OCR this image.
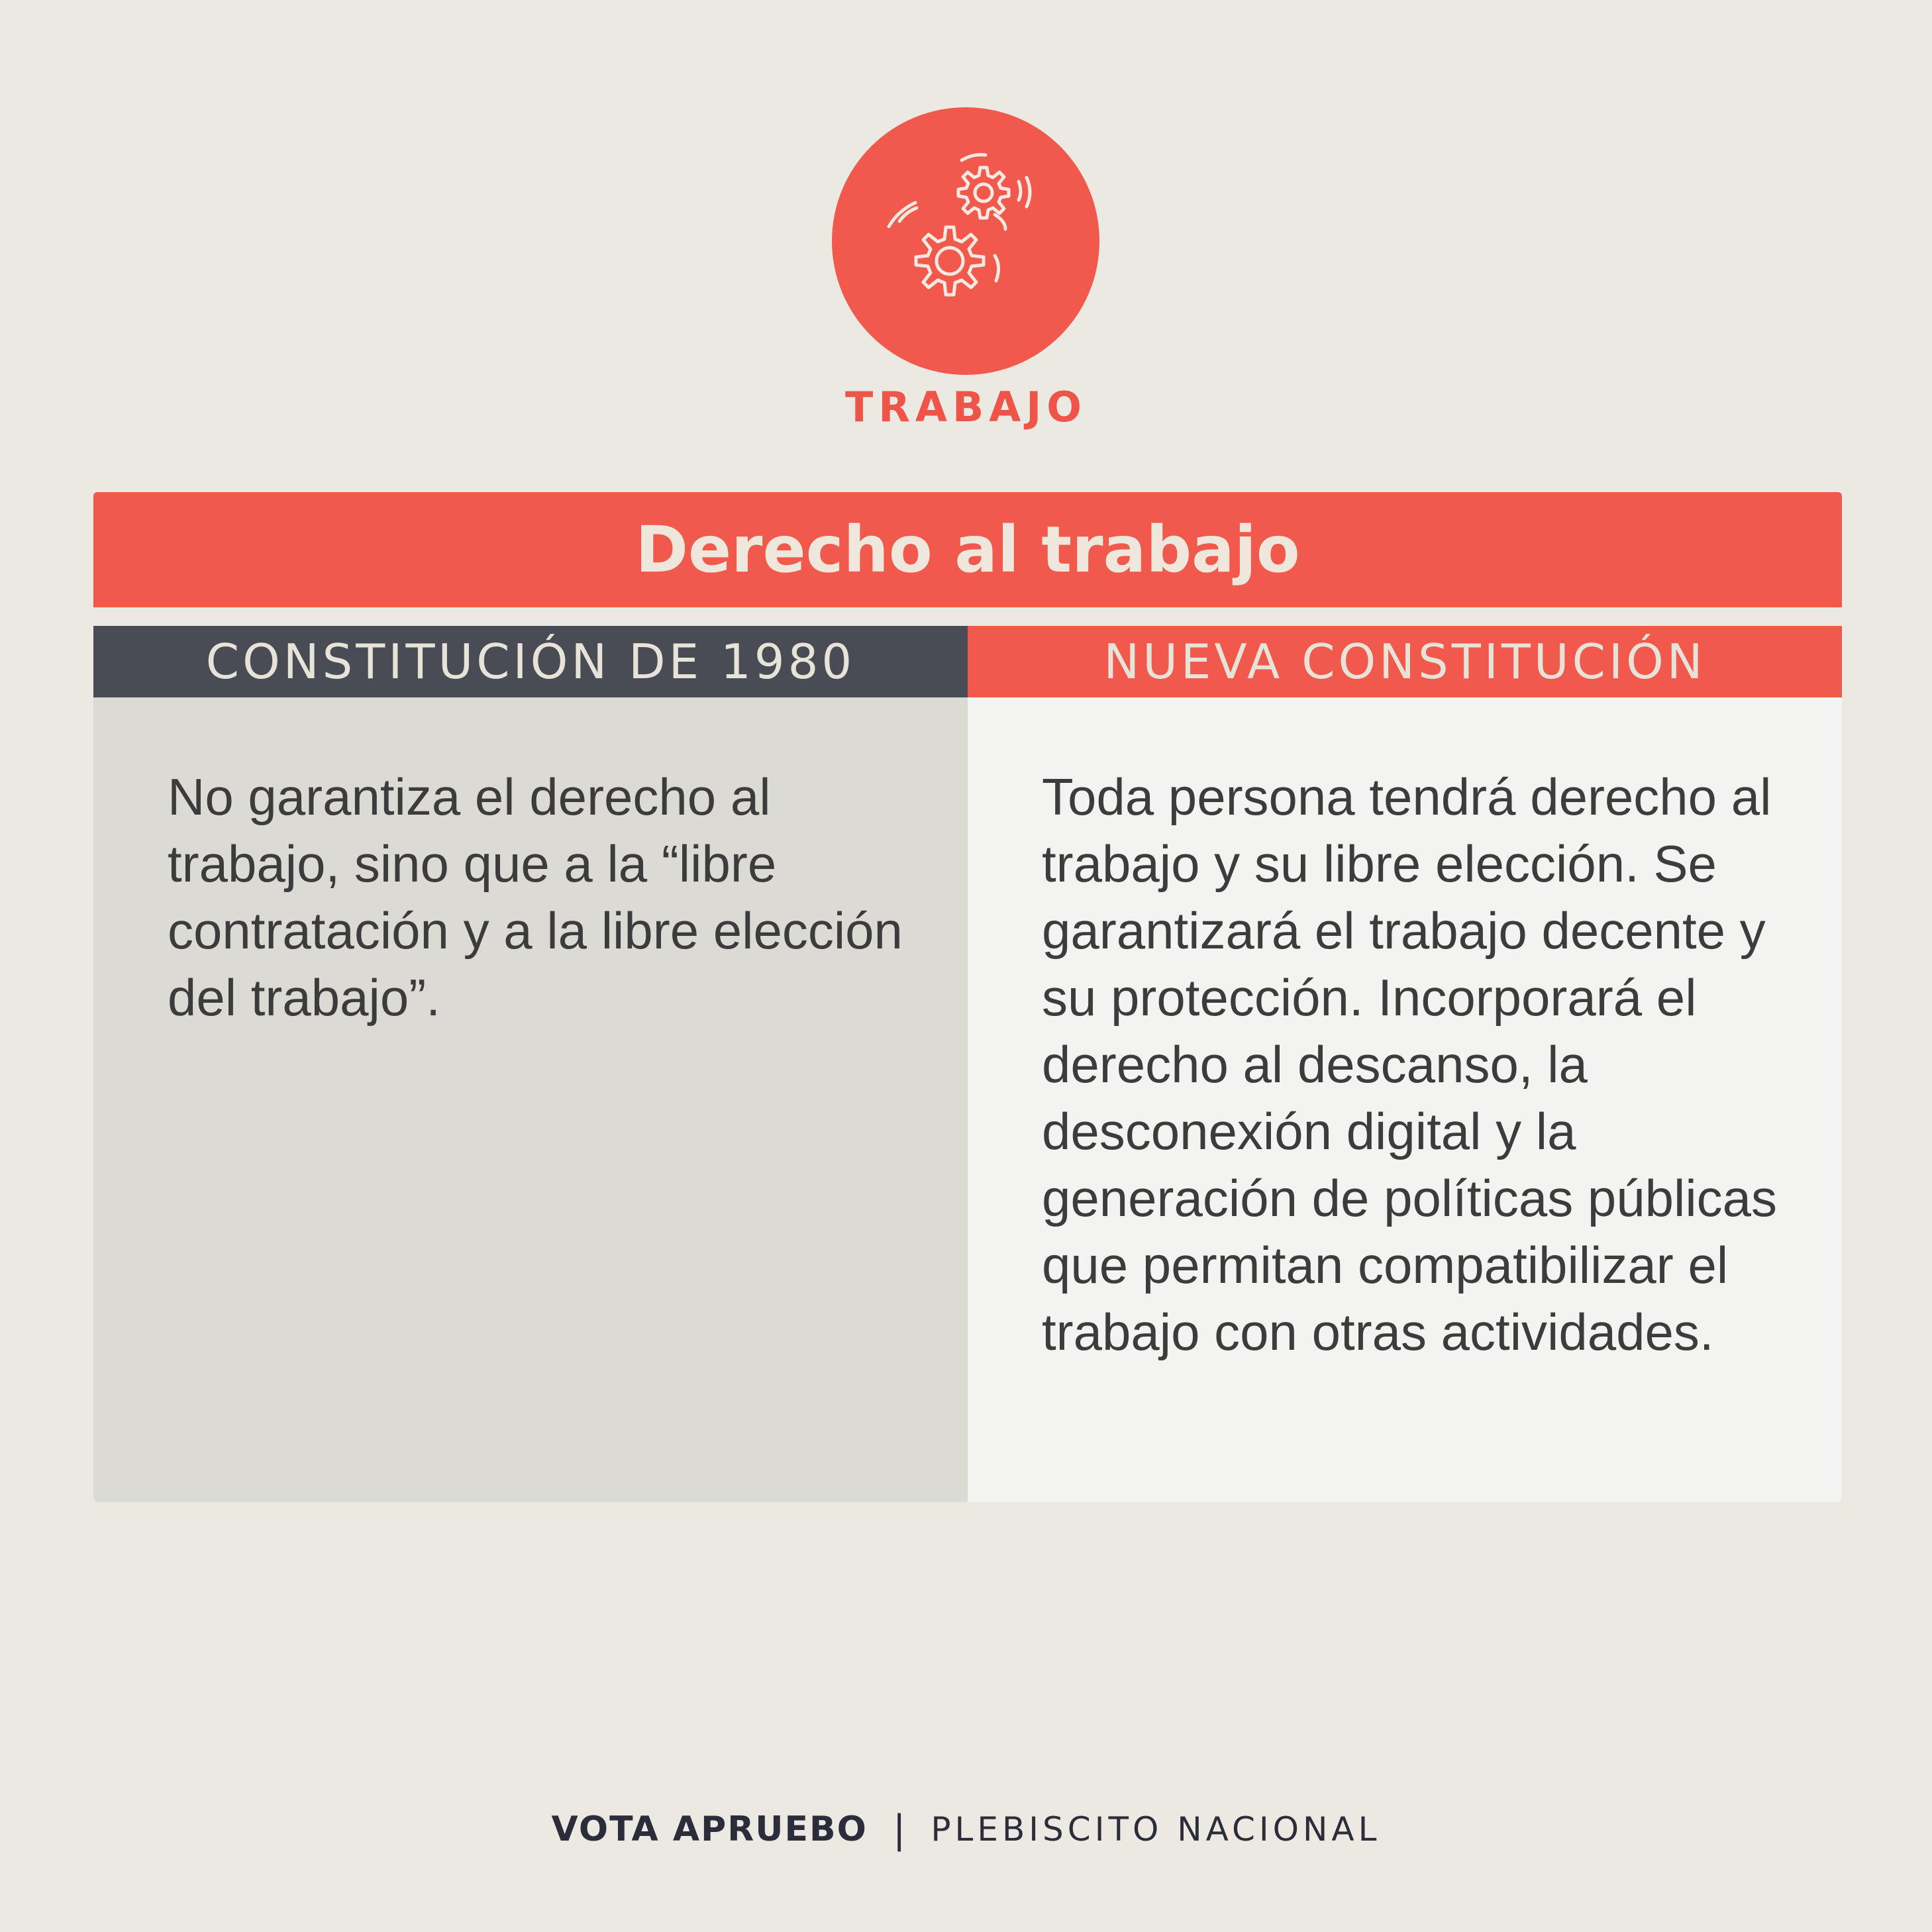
TRABAJO
Derecho al trabajo
CONSTITUCIÓN DE 1980	NUEVA CONSTITUCIÓN
No garantiza el derecho al trabajo, sino que a la “libre contratación y a la libre elección del trabajo”.
Toda persona tendrá derecho al trabajo y su libre elección. Se garantizará el trabajo decente y su protección. Incorporará el derecho al descanso, la desconexión digital y la generación de políticas públicas que permitan compatibilizar el trabajo con otras actividades.
VOTA APRUEBO | PLEBISCITO NACIONAL
